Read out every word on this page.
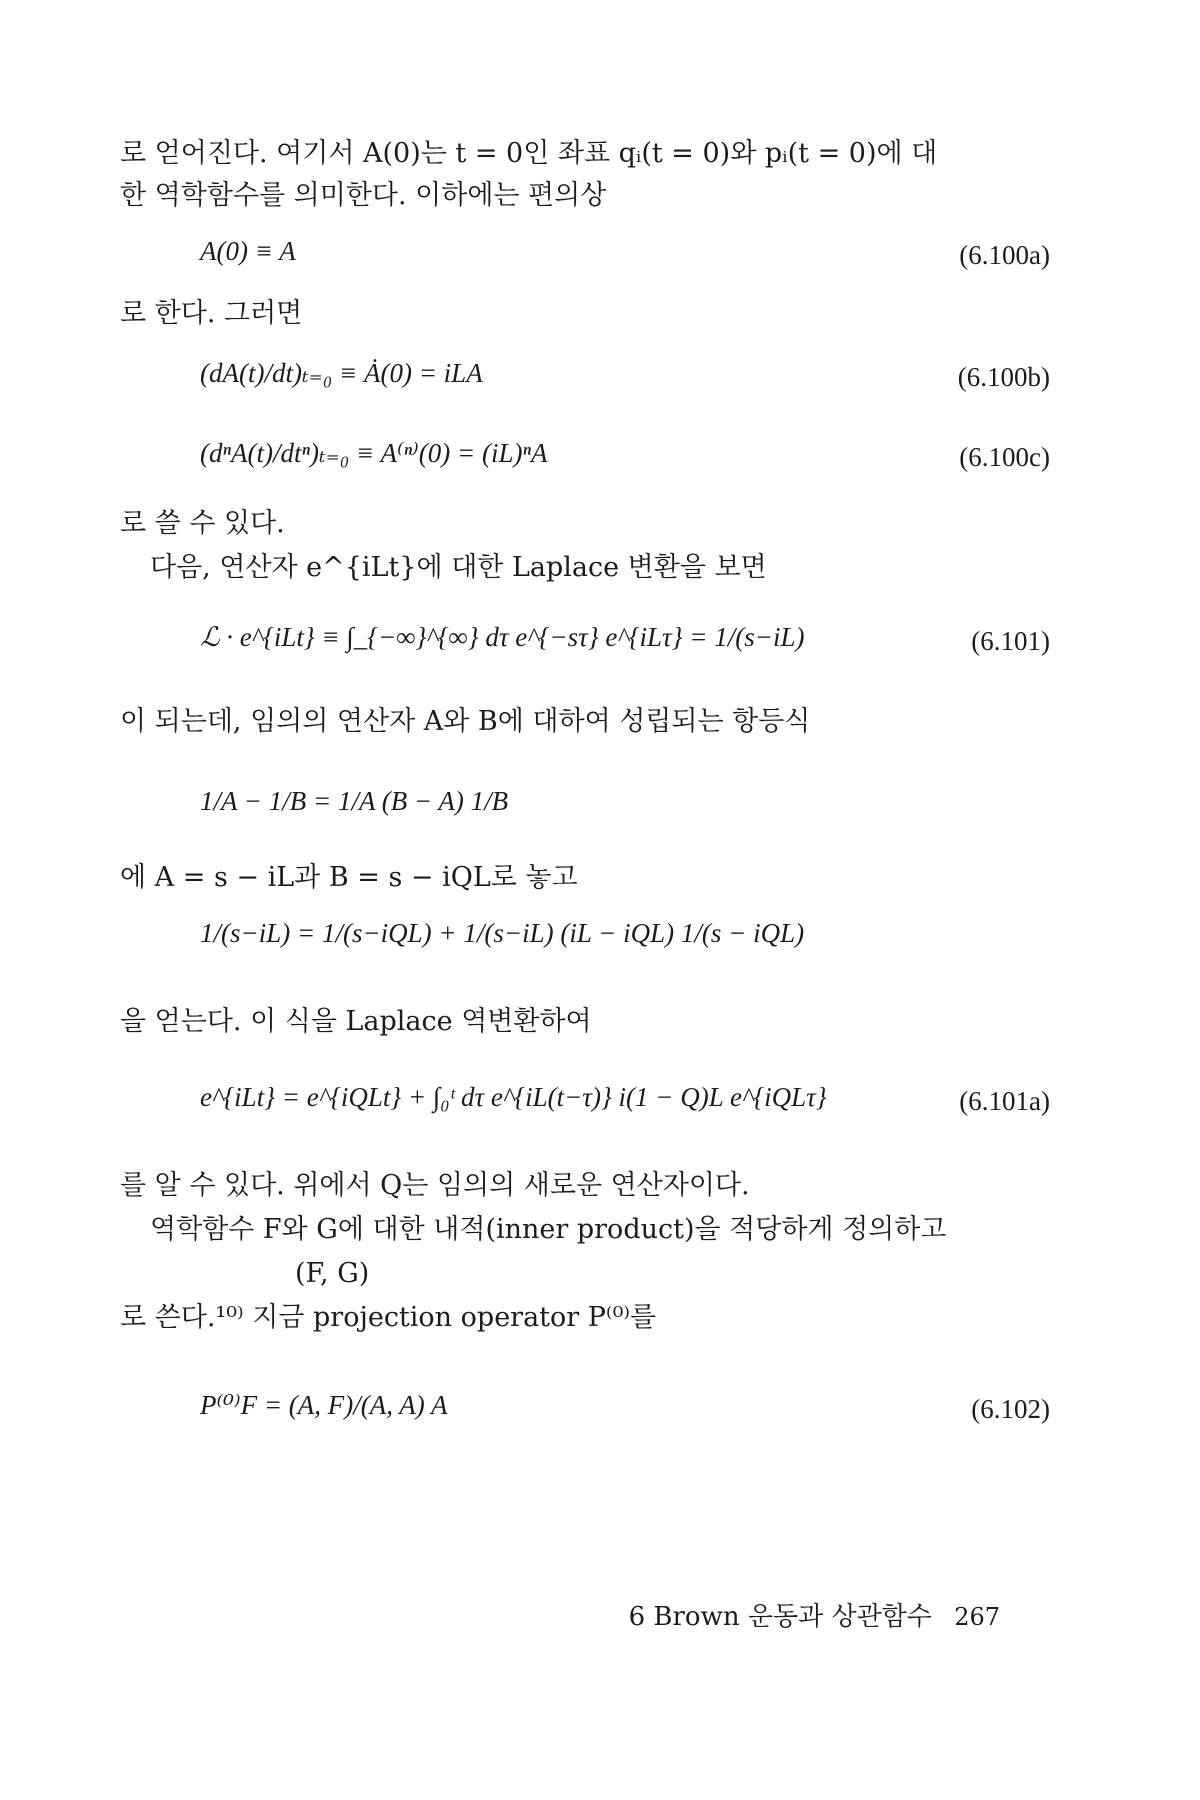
로 얻어진다. 여기서 A(0)는 t = 0인 좌표 qᵢ(t = 0)와 pᵢ(t = 0)에 대
한 역학함수를 의미한다. 이하에는 편의상
A(0) ≡ A	(6.100a)
로 한다. 그러면
(dA(t)/dt)ₜ₌₀ ≡ Ȧ(0) = iLA	(6.100b)
(dⁿA(t)/dtⁿ)ₜ₌₀ ≡ A⁽ⁿ⁾(0) = (iL)ⁿA	(6.100c)
로 쓸 수 있다.
다음, 연산자 e^{iLt}에 대한 Laplace 변환을 보면
ℒ · e^{iLt} ≡ ∫_{−∞}^{∞} dτ e^{−sτ} e^{iLτ} = 1/(s−iL)	(6.101)
이 되는데, 임의의 연산자 A와 B에 대하여 성립되는 항등식
1/A − 1/B = 1/A (B − A) 1/B
에 A = s − iL과 B = s − iQL로 놓고
1/(s−iL) = 1/(s−iQL) + 1/(s−iL) (iL − iQL) 1/(s − iQL)
을 얻는다. 이 식을 Laplace 역변환하여
e^{iLt} = e^{iQLt} + ∫₀ᵗ dτ e^{iL(t−τ)} i(1 − Q)L e^{iQLτ}	(6.101a)
를 알 수 있다. 위에서 Q는 임의의 새로운 연산자이다.
역학함수 F와 G에 대한 내적(inner product)을 적당하게 정의하고
(F, G)
로 쓴다.¹⁰⁾ 지금 projection operator P⁽⁰⁾를
P⁽⁰⁾F = (A, F)/(A, A) A	(6.102)
6 Brown 운동과 상관함수 267
